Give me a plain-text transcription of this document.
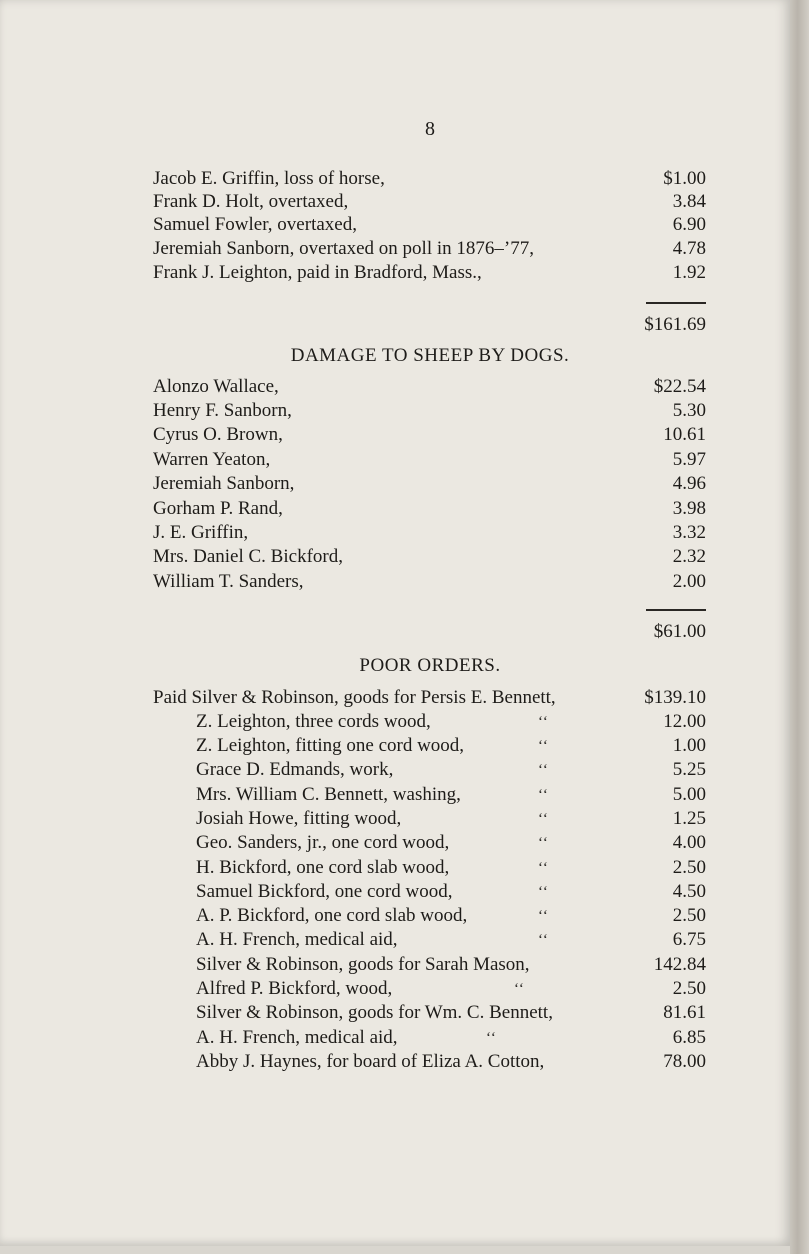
8
Jacob E. Griffin, loss of horse,	$1.00
Frank D. Holt, overtaxed,	3.84
Samuel Fowler, overtaxed,	6.90
Jeremiah Sanborn, overtaxed on poll in 1876–’77,	4.78
Frank J. Leighton, paid in Bradford, Mass.,	1.92
$161.69
DAMAGE TO SHEEP BY DOGS.
Alonzo Wallace,	$22.54
Henry F. Sanborn,	5.30
Cyrus O. Brown,	10.61
Warren Yeaton,	5.97
Jeremiah Sanborn,	4.96
Gorham P. Rand,	3.98
J. E. Griffin,	3.32
Mrs. Daniel C. Bickford,	2.32
William T. Sanders,	2.00
$61.00
POOR ORDERS.
Paid Silver & Robinson, goods for Persis E. Bennett,	$139.10
Z. Leighton, three cords wood,	‘‘	12.00
Z. Leighton, fitting one cord wood,	‘‘	1.00
Grace D. Edmands, work,	‘‘	5.25
Mrs. William C. Bennett, washing,	‘‘	5.00
Josiah Howe, fitting wood,	‘‘	1.25
Geo. Sanders, jr., one cord wood,	‘‘	4.00
H. Bickford, one cord slab wood,	‘‘	2.50
Samuel Bickford, one cord wood,	‘‘	4.50
A. P. Bickford, one cord slab wood,	‘‘	2.50
A. H. French, medical aid,	‘‘	6.75
Silver & Robinson, goods for Sarah Mason,	142.84
Alfred P. Bickford, wood,	‘‘	2.50
Silver & Robinson, goods for Wm. C. Bennett,	81.61
A. H. French, medical aid,	‘‘	6.85
Abby J. Haynes, for board of Eliza A. Cotton,	78.00
